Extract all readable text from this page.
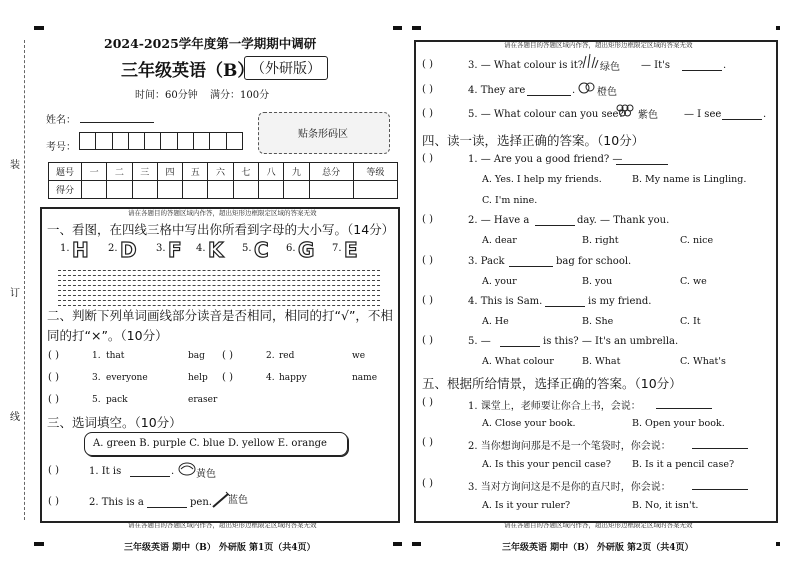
2024-2025学年度第一学期期中调研
三年级英语（B）
（外研版）
时间：60分钟 满分：100分
姓名：
考号：
贴条形码区
装
订
线
题号	一	二	三	四	五	六	七	八	九	总分	等级
得分											
请在各题目的答题区域内作答，超出矩形边框限定区域的答案无效
一、看图，在四线三格中写出你所看到字母的大小写。（14分）
1. H 2. D 3. F 4. K 5. C 6. G 7. E
二、判断下列单词画线部分读音是否相同，相同的打“√”，不相
同的打“×”。（10分）
( )	1. that	bag ( )	2. red	we
( )	3. everyone	help ( )	4. happy	name
( )	5. pack	eraser
三、选词填空。（10分）
A. green B. purple C. blue D. yellow E. orange
( )	1. It is	. 黄色
( )	2. This is a	pen. 蓝色
请在各题目的答题区域内作答，超出矩形边框限定区域的答案无效
三年级英语 期中（B） 外研版 第1页（共4页）
请在各题目的答题区域内作答，超出矩形边框限定区域的答案无效
( )	3. — What colour is it? 绿色 — It's	.
( )	4. They are	. 橙色
( )	5. — What colour can you see? 紫色	— I see	.
四、读一读，选择正确的答案。（10分）
( )	1. — Are you a good friend? —
A. Yes. I help my friends.	B. My name is Lingling.
C. I'm nine.
( )	2. — Have a	day. — Thank you.
A. dear	B. right	C. nice
( )	3. Pack	bag for school.
A. your	B. you	C. we
( )	4. This is Sam.	is my friend.
A. He	B. She	C. It
( )	5. —	is this? — It's an umbrella.
A. What colour	B. What	C. What's
五、根据所给情景，选择正确的答案。（10分）
( )	1. 课堂上，老师要让你合上书，会说：
A. Close your book.	B. Open your book.
( )	2. 当你想询问那是不是一个笔袋时，你会说：
A. Is this your pencil case? B. Is it a pencil case?
( )	3. 当对方询问这是不是你的直尺时，你会说：
A. Is it your ruler?	B. No, it isn't.
请在各题目的答题区域内作答，超出矩形边框限定区域的答案无效
三年级英语 期中（B） 外研版 第2页（共4页）
